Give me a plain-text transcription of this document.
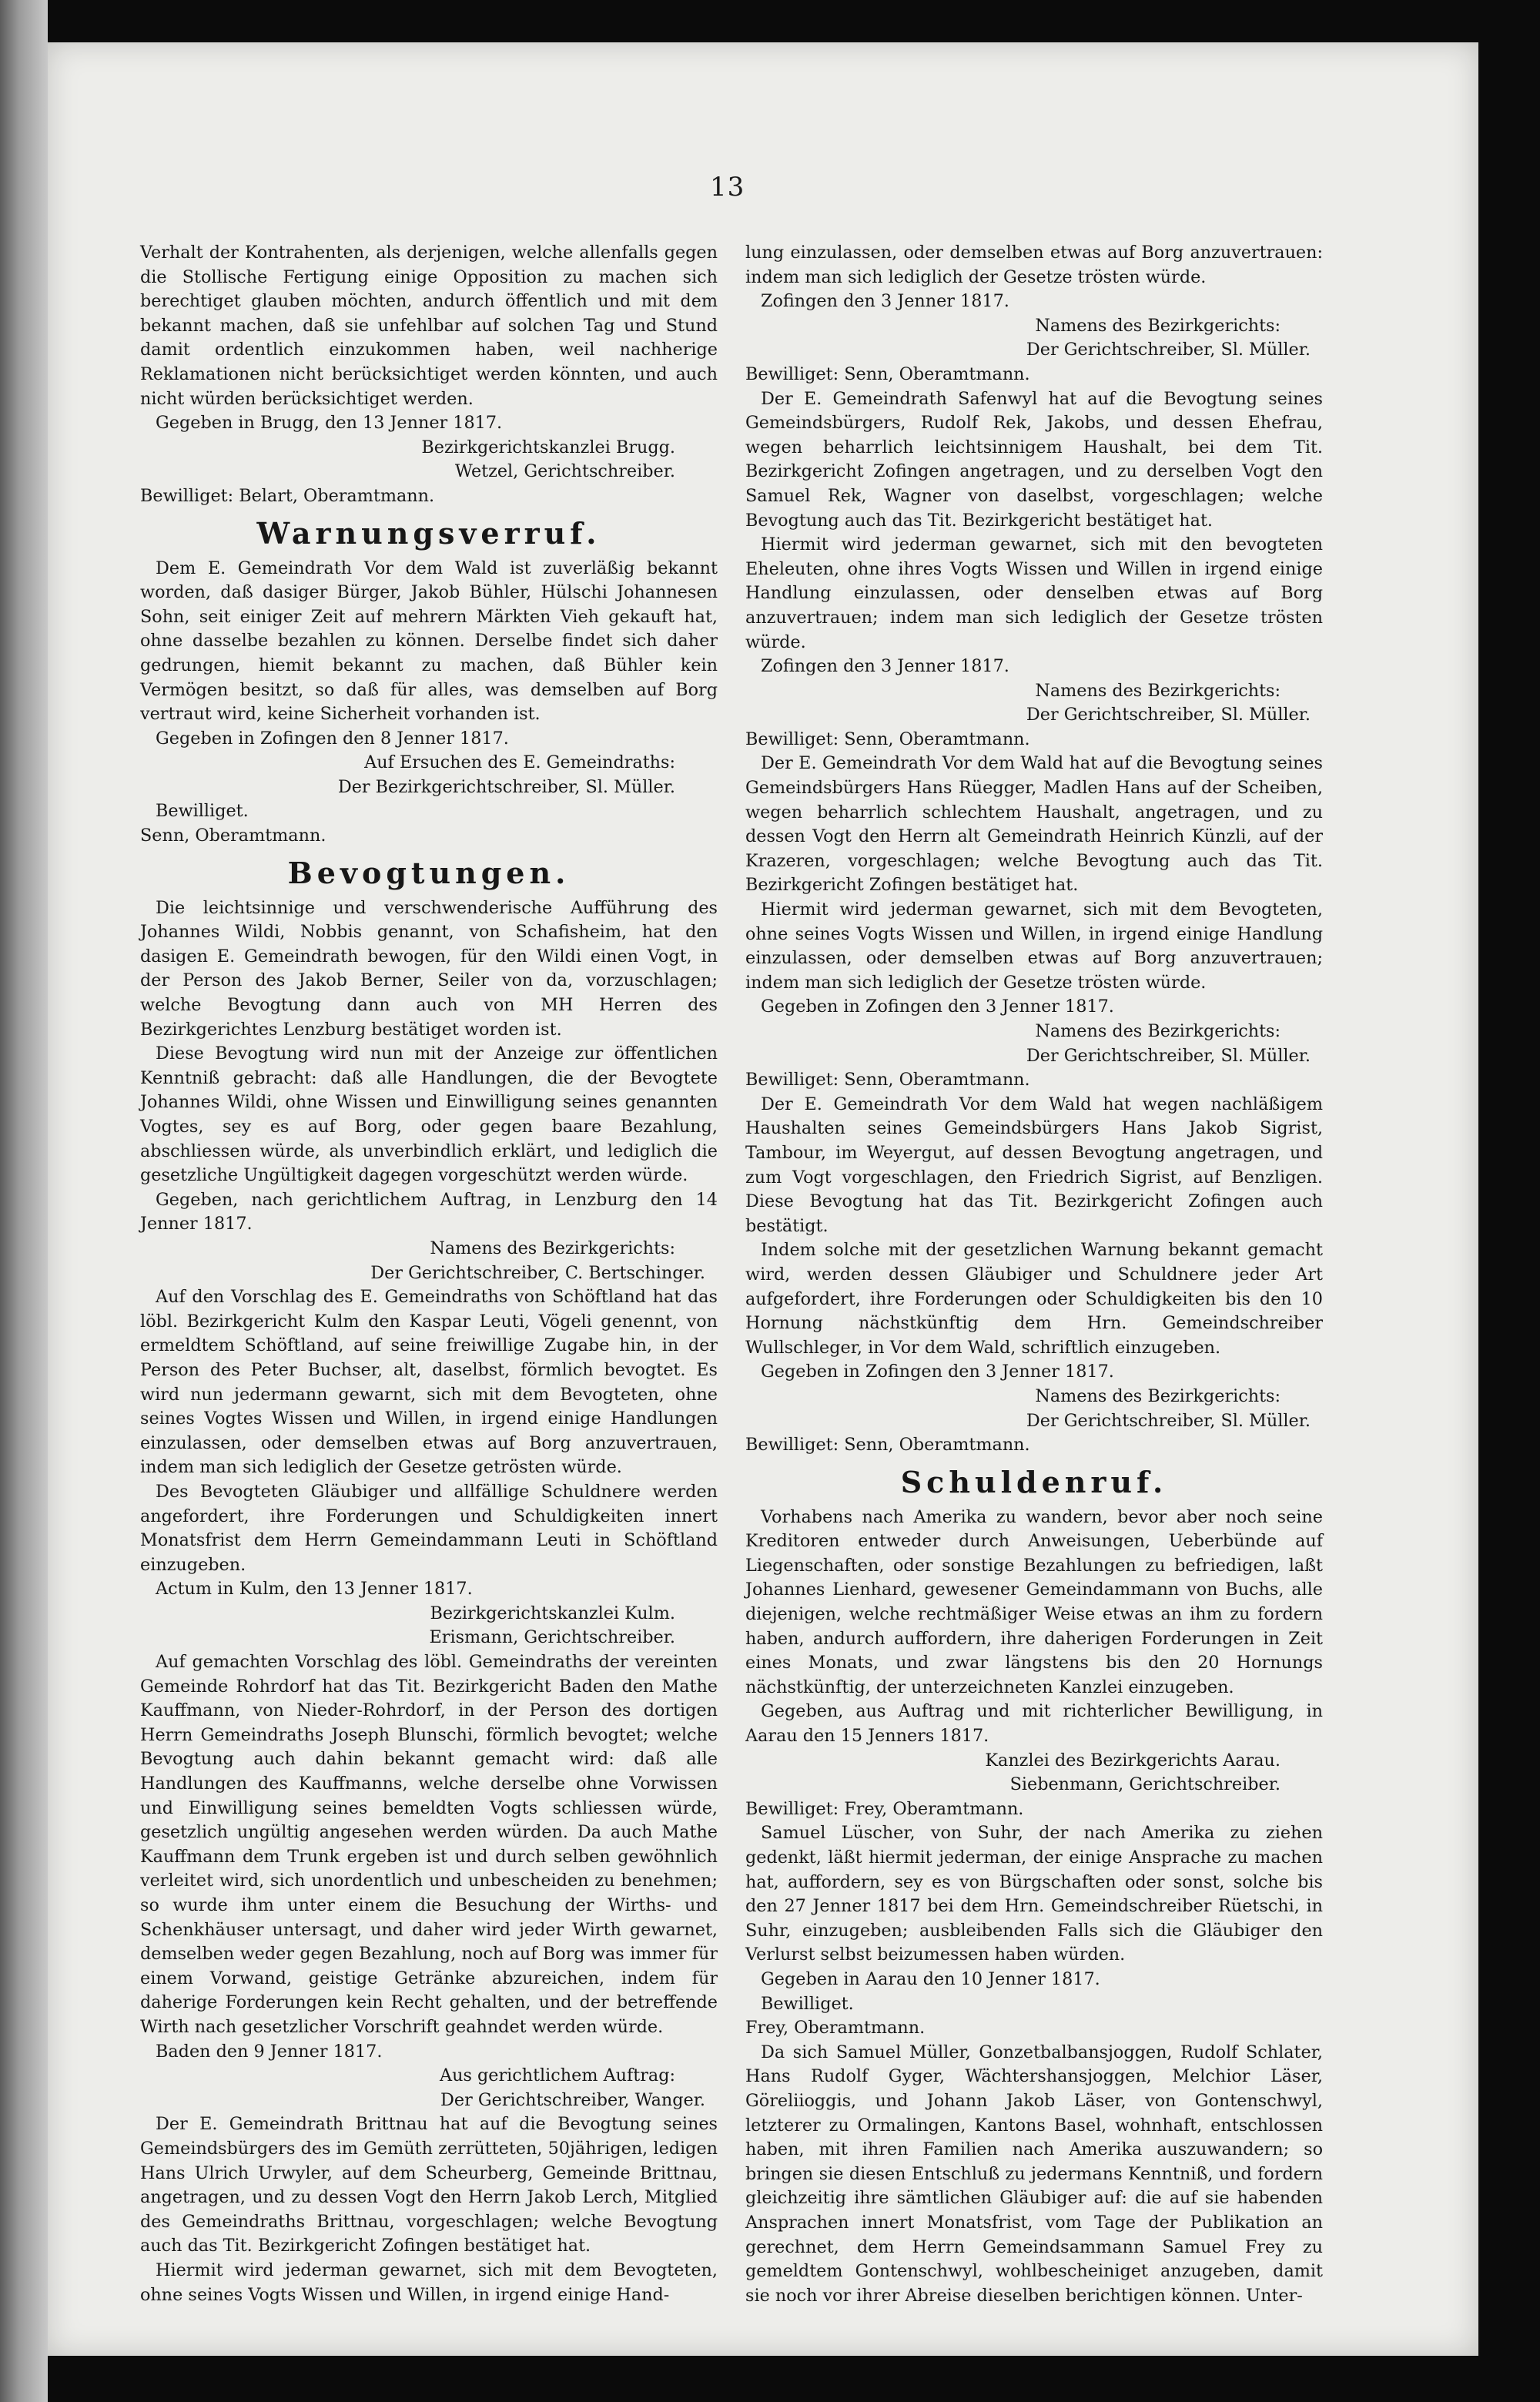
13

Verhalt der Kontrahenten, als derjenigen, welche allenfalls gegen die Stollische Fertigung einige Opposition zu machen sich berechtiget glauben möchten, andurch öffentlich und mit dem bekannt machen, daß sie unfehlbar auf solchen Tag und Stund damit ordentlich einzukommen haben, weil nachherige Reklamationen nicht berücksichtiget werden könnten, und auch nicht würden berücksichtiget werden.

Gegeben in Brugg, den 13 Jenner 1817.

Bezirkgerichtskanzlei Brugg.

Wetzel, Gerichtschreiber.

Bewilliget: Belart, Oberamtmann.

Warnungsverruf.

Dem E. Gemeindrath Vor dem Wald ist zuverläßig bekannt worden, daß dasiger Bürger, Jakob Bühler, Hülschi Johannesen Sohn, seit einiger Zeit auf mehrern Märkten Vieh gekauft hat, ohne dasselbe bezahlen zu können. Derselbe findet sich daher gedrungen, hiemit bekannt zu machen, daß Bühler kein Vermögen besitzt, so daß für alles, was demselben auf Borg vertraut wird, keine Sicherheit vorhanden ist.

Gegeben in Zofingen den 8 Jenner 1817.

Auf Ersuchen des E. Gemeindraths:

Der Bezirkgerichtschreiber, Sl. Müller.

Bewilliget.

Senn, Oberamtmann.

Bevogtungen.

Die leichtsinnige und verschwenderische Aufführung des Johannes Wildi, Nobbis genannt, von Schafisheim, hat den dasigen E. Gemeindrath bewogen, für den Wildi einen Vogt, in der Person des Jakob Berner, Seiler von da, vorzuschlagen; welche Bevogtung dann auch von MH Herren des Bezirkgerichtes Lenzburg bestätiget worden ist.

Diese Bevogtung wird nun mit der Anzeige zur öffentlichen Kenntniß gebracht: daß alle Handlungen, die der Bevogtete Johannes Wildi, ohne Wissen und Einwilligung seines genannten Vogtes, sey es auf Borg, oder gegen baare Bezahlung, abschliessen würde, als unverbindlich erklärt, und lediglich die gesetzliche Ungültigkeit dagegen vorgeschützt werden würde.

Gegeben, nach gerichtlichem Auftrag, in Lenzburg den 14 Jenner 1817.

Namens des Bezirkgerichts:

Der Gerichtschreiber, C. Bertschinger.

Auf den Vorschlag des E. Gemeindraths von Schöftland hat das löbl. Bezirkgericht Kulm den Kaspar Leuti, Vögeli genennt, von ermeldtem Schöftland, auf seine freiwillige Zugabe hin, in der Person des Peter Buchser, alt, daselbst, förmlich bevogtet. Es wird nun jedermann gewarnt, sich mit dem Bevogteten, ohne seines Vogtes Wissen und Willen, in irgend einige Handlungen einzulassen, oder demselben etwas auf Borg anzuvertrauen, indem man sich lediglich der Gesetze getrösten würde.

Des Bevogteten Gläubiger und allfällige Schuldnere werden angefordert, ihre Forderungen und Schuldigkeiten innert Monatsfrist dem Herrn Gemeindammann Leuti in Schöftland einzugeben.

Actum in Kulm, den 13 Jenner 1817.

Bezirkgerichtskanzlei Kulm.

Erismann, Gerichtschreiber.

Auf gemachten Vorschlag des löbl. Gemeindraths der vereinten Gemeinde Rohrdorf hat das Tit. Bezirkgericht Baden den Mathe Kauffmann, von Nieder-Rohrdorf, in der Person des dortigen Herrn Gemeindraths Joseph Blunschi, förmlich bevogtet; welche Bevogtung auch dahin bekannt gemacht wird: daß alle Handlungen des Kauffmanns, welche derselbe ohne Vorwissen und Einwilligung seines bemeldten Vogts schliessen würde, gesetzlich ungültig angesehen werden würden. Da auch Mathe Kauffmann dem Trunk ergeben ist und durch selben gewöhnlich verleitet wird, sich unordentlich und unbescheiden zu benehmen; so wurde ihm unter einem die Besuchung der Wirths- und Schenkhäuser untersagt, und daher wird jeder Wirth gewarnet, demselben weder gegen Bezahlung, noch auf Borg was immer für einem Vorwand, geistige Getränke abzureichen, indem für daherige Forderungen kein Recht gehalten, und der betreffende Wirth nach gesetzlicher Vorschrift geahndet werden würde.

Baden den 9 Jenner 1817.

Aus gerichtlichem Auftrag:

Der Gerichtschreiber, Wanger.

Der E. Gemeindrath Brittnau hat auf die Bevogtung seines Gemeindsbürgers des im Gemüth zerrütteten, 50jährigen, ledigen Hans Ulrich Urwyler, auf dem Scheurberg, Gemeinde Brittnau, angetragen, und zu dessen Vogt den Herrn Jakob Lerch, Mitglied des Gemeindraths Brittnau, vorgeschlagen; welche Bevogtung auch das Tit. Bezirkgericht Zofingen bestätiget hat.

Hiermit wird jederman gewarnet, sich mit dem Bevogteten, ohne seines Vogts Wissen und Willen, in irgend einige Hand-

lung einzulassen, oder demselben etwas auf Borg anzuvertrauen: indem man sich lediglich der Gesetze trösten würde.

Zofingen den 3 Jenner 1817.

Namens des Bezirkgerichts:

Der Gerichtschreiber, Sl. Müller.

Bewilliget: Senn, Oberamtmann.

Der E. Gemeindrath Safenwyl hat auf die Bevogtung seines Gemeindsbürgers, Rudolf Rek, Jakobs, und dessen Ehefrau, wegen beharrlich leichtsinnigem Haushalt, bei dem Tit. Bezirkgericht Zofingen angetragen, und zu derselben Vogt den Samuel Rek, Wagner von daselbst, vorgeschlagen; welche Bevogtung auch das Tit. Bezirkgericht bestätiget hat.

Hiermit wird jederman gewarnet, sich mit den bevogteten Eheleuten, ohne ihres Vogts Wissen und Willen in irgend einige Handlung einzulassen, oder denselben etwas auf Borg anzuvertrauen; indem man sich lediglich der Gesetze trösten würde.

Zofingen den 3 Jenner 1817.

Namens des Bezirkgerichts:

Der Gerichtschreiber, Sl. Müller.

Bewilliget: Senn, Oberamtmann.

Der E. Gemeindrath Vor dem Wald hat auf die Bevogtung seines Gemeindsbürgers Hans Rüegger, Madlen Hans auf der Scheiben, wegen beharrlich schlechtem Haushalt, angetragen, und zu dessen Vogt den Herrn alt Gemeindrath Heinrich Künzli, auf der Krazeren, vorgeschlagen; welche Bevogtung auch das Tit. Bezirkgericht Zofingen bestätiget hat.

Hiermit wird jederman gewarnet, sich mit dem Bevogteten, ohne seines Vogts Wissen und Willen, in irgend einige Handlung einzulassen, oder demselben etwas auf Borg anzuvertrauen; indem man sich lediglich der Gesetze trösten würde.

Gegeben in Zofingen den 3 Jenner 1817.

Namens des Bezirkgerichts:

Der Gerichtschreiber, Sl. Müller.

Bewilliget: Senn, Oberamtmann.

Der E. Gemeindrath Vor dem Wald hat wegen nachläßigem Haushalten seines Gemeindsbürgers Hans Jakob Sigrist, Tambour, im Weyergut, auf dessen Bevogtung angetragen, und zum Vogt vorgeschlagen, den Friedrich Sigrist, auf Benzligen. Diese Bevogtung hat das Tit. Bezirkgericht Zofingen auch bestätigt.

Indem solche mit der gesetzlichen Warnung bekannt gemacht wird, werden dessen Gläubiger und Schuldnere jeder Art aufgefordert, ihre Forderungen oder Schuldigkeiten bis den 10 Hornung nächstkünftig dem Hrn. Gemeindschreiber Wullschleger, in Vor dem Wald, schriftlich einzugeben.

Gegeben in Zofingen den 3 Jenner 1817.

Namens des Bezirkgerichts:

Der Gerichtschreiber, Sl. Müller.

Bewilliget: Senn, Oberamtmann.

Schuldenruf.

Vorhabens nach Amerika zu wandern, bevor aber noch seine Kreditoren entweder durch Anweisungen, Ueberbünde auf Liegenschaften, oder sonstige Bezahlungen zu befriedigen, laßt Johannes Lienhard, gewesener Gemeindammann von Buchs, alle diejenigen, welche rechtmäßiger Weise etwas an ihm zu fordern haben, andurch auffordern, ihre daherigen Forderungen in Zeit eines Monats, und zwar längstens bis den 20 Hornungs nächstkünftig, der unterzeichneten Kanzlei einzugeben.

Gegeben, aus Auftrag und mit richterlicher Bewilligung, in Aarau den 15 Jenners 1817.

Kanzlei des Bezirkgerichts Aarau.

Siebenmann, Gerichtschreiber.

Bewilliget: Frey, Oberamtmann.

Samuel Lüscher, von Suhr, der nach Amerika zu ziehen gedenkt, läßt hiermit jederman, der einige Ansprache zu machen hat, auffordern, sey es von Bürgschaften oder sonst, solche bis den 27 Jenner 1817 bei dem Hrn. Gemeindschreiber Rüetschi, in Suhr, einzugeben; ausbleibenden Falls sich die Gläubiger den Verlurst selbst beizumessen haben würden.

Gegeben in Aarau den 10 Jenner 1817.

Bewilliget.

Frey, Oberamtmann.

Da sich Samuel Müller, Gonzetbalbansjoggen, Rudolf Schlater, Hans Rudolf Gyger, Wächtershansjoggen, Melchior Läser, Göreliioggis, und Johann Jakob Läser, von Gontenschwyl, letzterer zu Ormalingen, Kantons Basel, wohnhaft, entschlossen haben, mit ihren Familien nach Amerika auszuwandern; so bringen sie diesen Entschluß zu jedermans Kenntniß, und fordern gleichzeitig ihre sämtlichen Gläubiger auf: die auf sie habenden Ansprachen innert Monatsfrist, vom Tage der Publikation an gerechnet, dem Herrn Gemeindsammann Samuel Frey zu gemeldtem Gontenschwyl, wohlbescheiniget anzugeben, damit sie noch vor ihrer Abreise dieselben berichtigen können. Unter-
